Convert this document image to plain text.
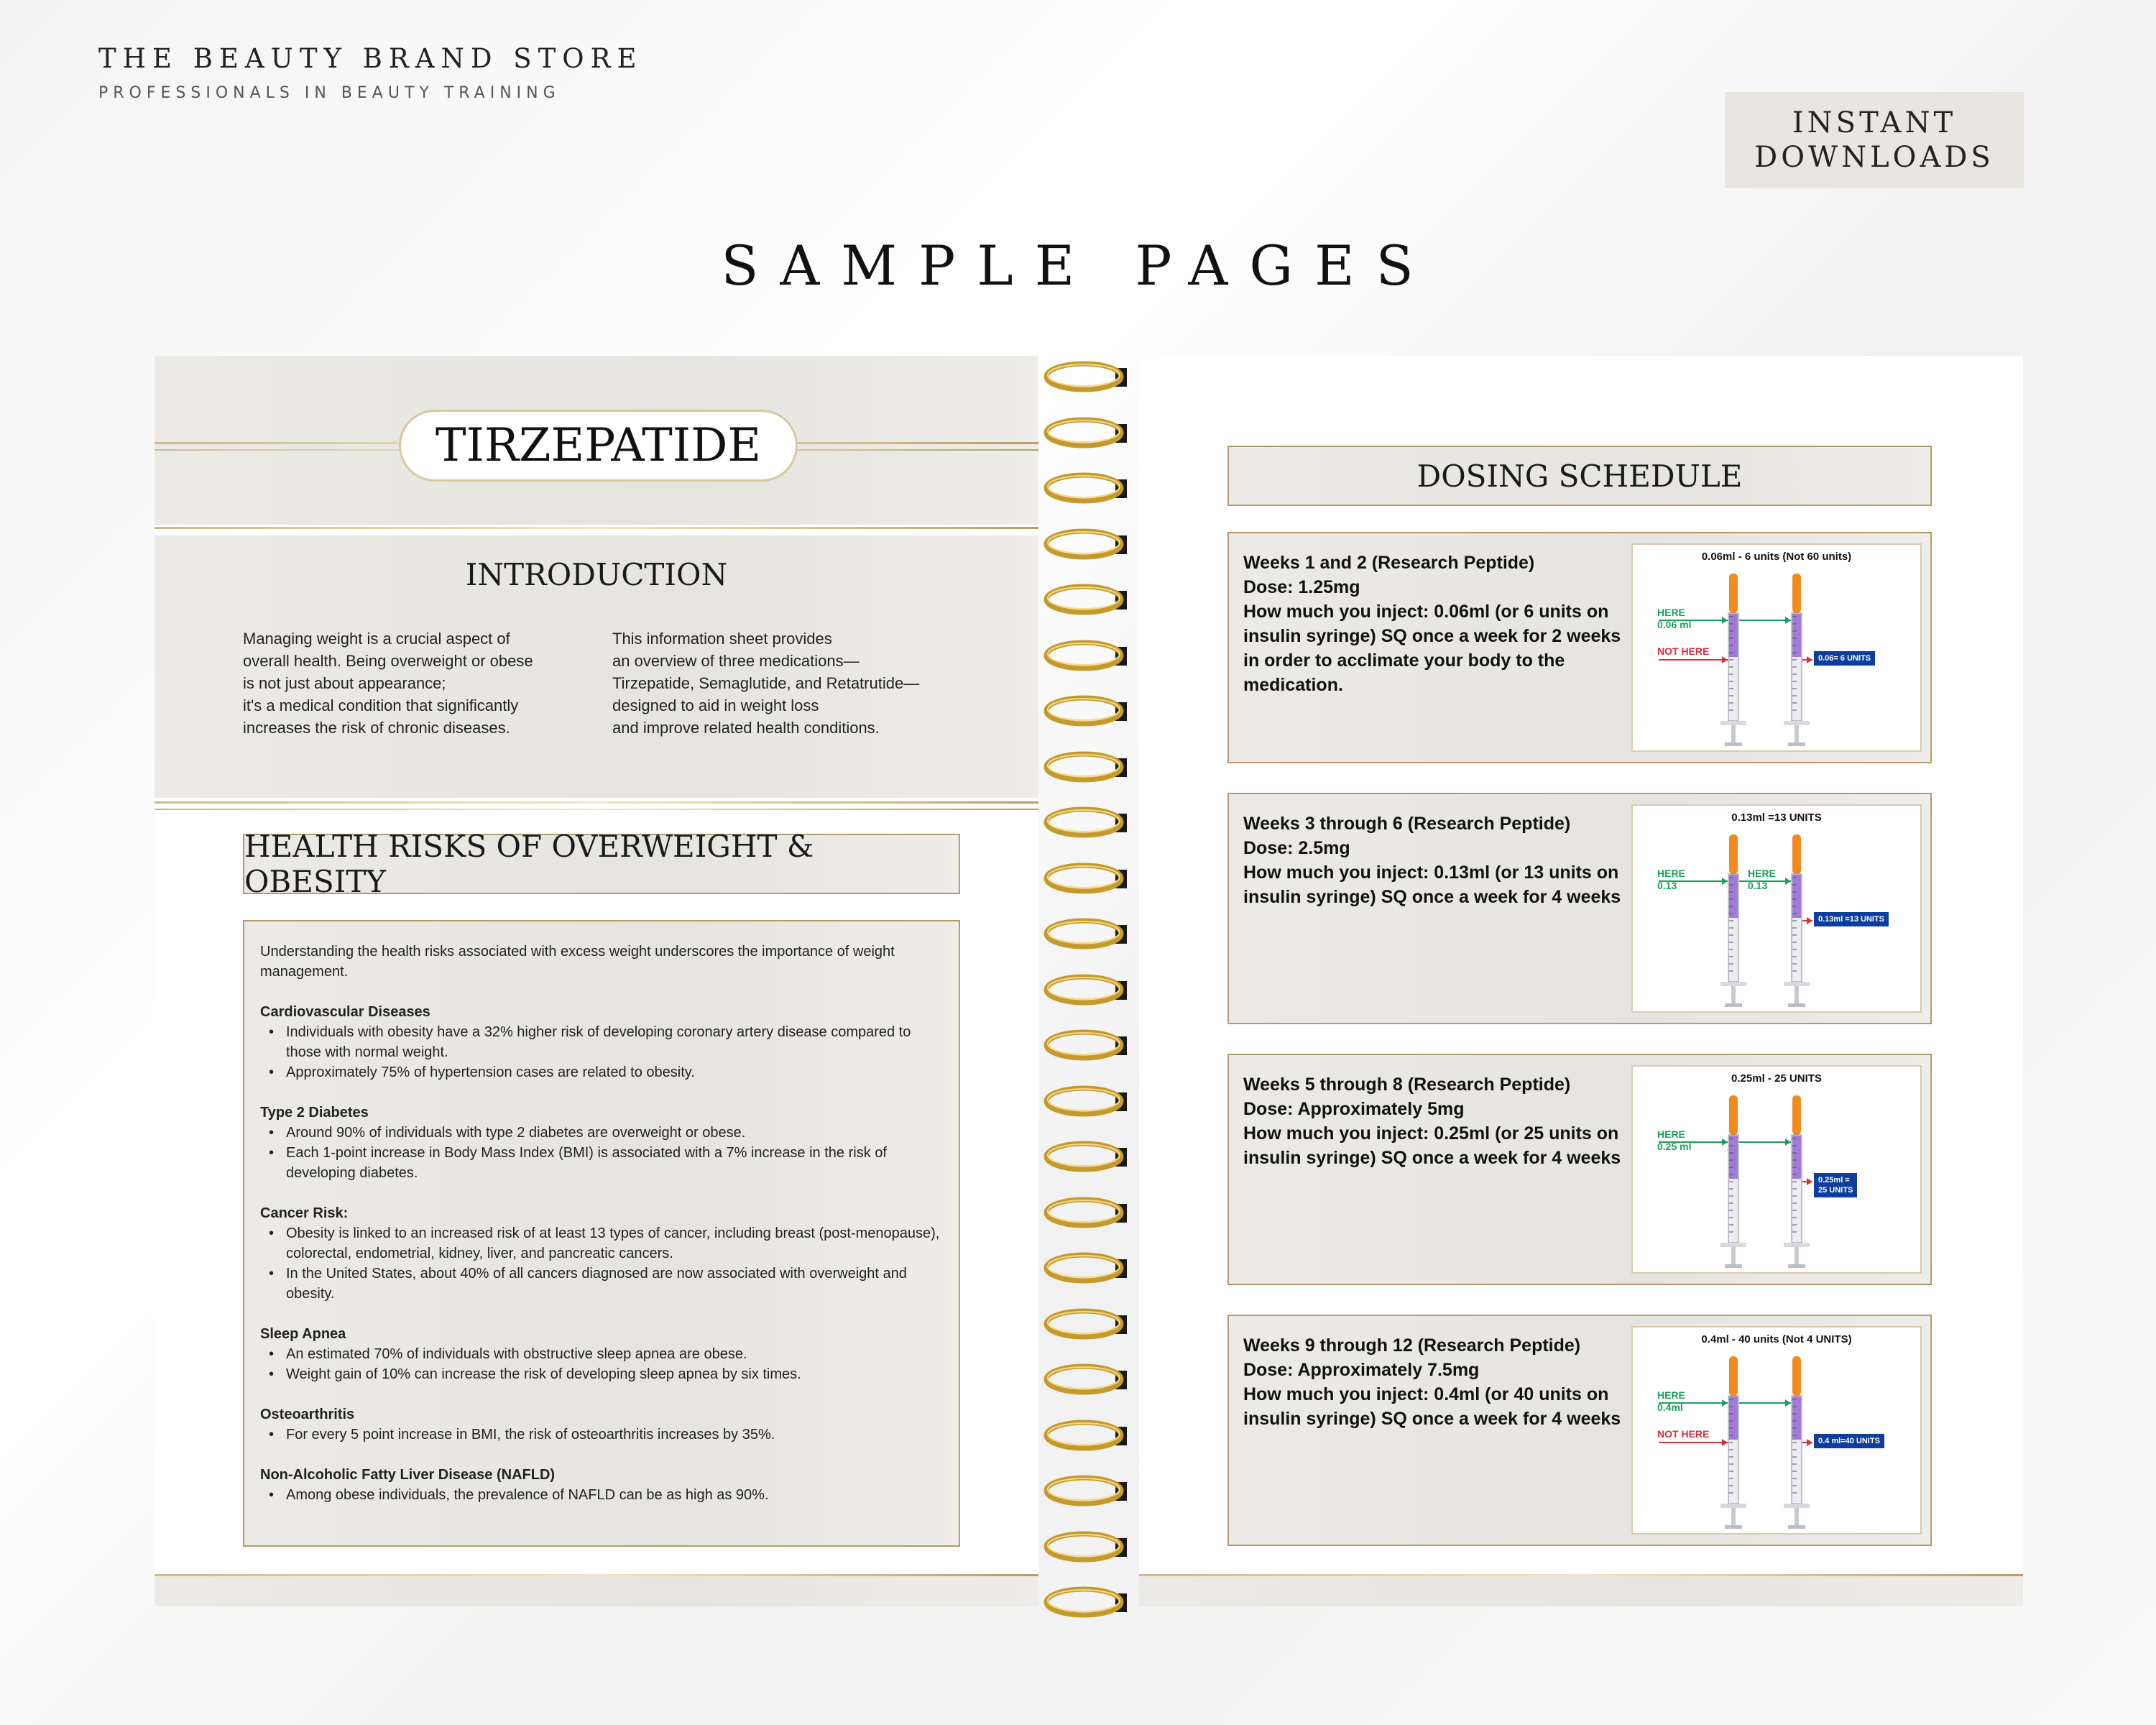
THE BEAUTY BRAND STORE
PROFESSIONALS IN BEAUTY TRAINING
INSTANT
DOWNLOADS
SAMPLE PAGES
TIRZEPATIDE
INTRODUCTION
Managing weight is a crucial aspect of
overall health. Being overweight or obese
is not just about appearance;
it's a medical condition that significantly
increases the risk of chronic diseases.
This information sheet provides
an overview of three medications—
Tirzepatide, Semaglutide, and Retatrutide—
designed to aid in weight loss
and improve related health conditions.
HEALTH RISKS OF OVERWEIGHT & OBESITY
Understanding the health risks associated with excess weight underscores the importance of weight management.
Cardiovascular Diseases
• Individuals with obesity have a 32% higher risk of developing coronary artery disease compared to those with normal weight.
• Approximately 75% of hypertension cases are related to obesity.
Type 2 Diabetes
• Around 90% of individuals with type 2 diabetes are overweight or obese.
• Each 1-point increase in Body Mass Index (BMI) is associated with a 7% increase in the risk of developing diabetes.
Cancer Risk:
• Obesity is linked to an increased risk of at least 13 types of cancer, including breast (post-menopause), colorectal, endometrial, kidney, liver, and pancreatic cancers.
• In the United States, about 40% of all cancers diagnosed are now associated with overweight and obesity.
Sleep Apnea
• An estimated 70% of individuals with obstructive sleep apnea are obese.
• Weight gain of 10% can increase the risk of developing sleep apnea by six times.
Osteoarthritis
• For every 5 point increase in BMI, the risk of osteoarthritis increases by 35%.
Non-Alcoholic Fatty Liver Disease (NAFLD)
• Among obese individuals, the prevalence of NAFLD can be as high as 90%.
DOSING SCHEDULE
Weeks 1 and 2 (Research Peptide)
Dose: 1.25mg
How much you inject: 0.06ml (or 6 units on insulin syringe) SQ once a week for 2 weeks in order to acclimate your body to the medication.
0.06ml - 6 units (Not 60 units)
HERE
0.06 ml
NOT HERE
0.06= 6 UNITS
Weeks 3 through 6 (Research Peptide)
Dose: 2.5mg
How much you inject: 0.13ml (or 13 units on insulin syringe) SQ once a week for 4 weeks
0.13ml =13 UNITS
HERE
0.13
HERE
0.13
0.13ml =13 UNITS
Weeks 5 through 8 (Research Peptide)
Dose: Approximately 5mg
How much you inject: 0.25ml (or 25 units on insulin syringe) SQ once a week for 4 weeks
0.25ml - 25 UNITS
HERE
0.25 ml
0.25ml =
25 UNITS
Weeks 9 through 12 (Research Peptide)
Dose: Approximately 7.5mg
How much you inject: 0.4ml (or 40 units on insulin syringe) SQ once a week for 4 weeks
0.4ml - 40 units (Not 4 UNITS)
HERE
0.4ml
NOT HERE
0.4 ml=40 UNITS
